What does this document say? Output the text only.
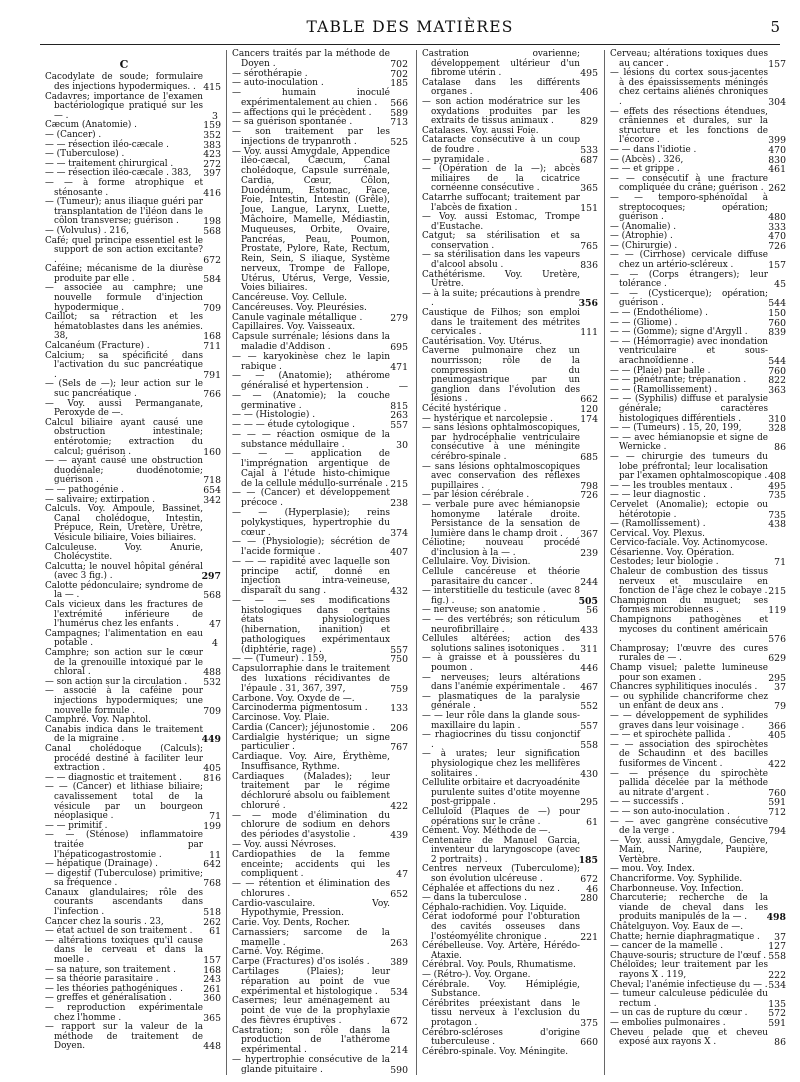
TABLE DES MATIÈRES	5

C

Cacodylate de soude; formulaire des injections hypodermiques. . 415

Cadavres; importance de l'examen bactériologique pratiqué sur les — .	3

Cæcum (Anatomie) .	159

— (Cancer) .	352

— — résection iléo-cæcale .	383

— (Tuberculose) .	423

— — traitement chirurgical .	272

— — résection iléo-cæcale . 383, 397

— — à forme atrophique et sténosante .	416

— (Tumeur); anus iliaque guéri par transplantation de l'iléon dans le côlon transverse; guérison .	198

— (Volvulus) . 216,	568

Café; quel principe essentiel est le support de son action excitante? .	672

Caféine; mécanisme de la diurèse produite par elle .	584

— associée au camphre; une nouvelle formule d'injection hypodermique .	709

Caillot; sa rétraction et les hématoblastes dans les anémies. 38,	168

Calcanéum (Fracture) .	711

Calcium; sa spécificité dans l'activation du suc pancréatique .	791

— (Sels de —); leur action sur le suc pancréatique .	766

— Voy. aussi Permanganate, Peroxyde de —.

Calcul biliaire ayant causé une obstruction intestinale; entérotomie; extraction du calcul; guérison .	160

— — ayant causé une obstruction duodénale; duodénotomie; guérison .	718

— — pathogénie .	654

— salivaire; extirpation .	342

Calculs. Voy. Ampoule, Bassinet, Canal cholédoque, Intestin, Prépuce, Rein, Uretère, Urètre, Vésicule biliaire, Voies biliaires.

Calculeuse. Voy. Anurie, Cholécystite.

Calcutta; le nouvel hôpital général (avec 3 fig.) .	297

Calotte pédonculaire; syndrome de la — .	568

Cals vicieux dans les fractures de l'extrémité inférieure de l'humérus chez les enfants .	47

Campagnes; l'alimentation en eau potable .	4

Camphre; son action sur le cœur de la grenouille intoxiqué par le chloral .	488

— son action sur la circulation . 532

— associé à la caféine pour injections hypodermiques; une nouvelle formule .	709

Camphré. Voy. Naphtol.

Canabis indica dans le traitement de la migraine .	449

Canal cholédoque (Calculs); procédé destiné à faciliter leur extraction .	405

— — diagnostic et traitement . 816

— — (Cancer) et lithiase biliaire; cavalissement total de la vésicule par un bourgeon néoplasique .	71

— — primitif .	199

— — (Sténose) inflammatoire traitée par l'hépaticogastrostomie .	11

— hépatique (Drainage) .	642

— digestif (Tuberculose) primitive; sa fréquence .	768

Canaux glandulaires; rôle des courants ascendants dans l'infection .	518

Cancer chez la souris . 23,	262

— état actuel de son traitement . 61

— altérations toxiques qu'il cause dans le cerveau et dans la moelle .	157

— sa nature, son traitement .	168

— sa théorie parasitaire .	243

— les théories pathogéniques . 261

— greffes et généralisation .	360

— reproduction expérimentale chez l'homme .	365

— rapport sur la valeur de la méthode de traitement de Doyen.	448

Cancers traités par la méthode de Doyen .	702

— sérothérapie .	702

— auto-inoculation .	185

— humain inoculé expérimentalement au chien . 566

— affections qui le précèdent . 589

— sa guérison spontanée .	713

— son traitement par les injections de trypanroth .	525

— Voy. aussi Amygdale, Appendice iléo-cæcal, Cæcum, Canal cholédoque, Capsule surrénale, Cardia, Cœur, Côlon, Duodénum, Estomac, Face, Foie, Intestin, Intestin (Grêle), Joue, Langue, Larynx, Luette, Mâchoire, Mamelle, Médiastin, Muqueuses, Orbite, Ovaire, Pancréas, Peau, Poumon, Prostate, Pylore, Rate, Rectum, Rein, Sein, S iliaque, Système nerveux, Trompe de Fallope, Utérus, Utérus, Verge, Vessie, Voies biliaires.

Cancéreuse. Voy. Cellule.

Cancéreuses. Voy. Pleurésies.

Canule vaginale métallique .	279

Capillaires. Voy. Vaisseaux.

Capsule surrénale; lésions dans la maladie d'Addison .	695

— — karyokinèse chez le lapin rabique .	471

— — (Anatomie); athérome généralisé et hypertension .	—

— — (Anatomie); la couche germinative .	815

— — (Histologie) .	263

— — — étude cytologique .	557

— — — réaction osmique de la substance médullaire .	30

— — — application de l'imprégnation argentique de Cajal à l'étude histo-chimique de la cellule médullo-surrénale . 215

— — (Cancer) et développement précoce .	238

— — (Hyperplasie); reins polykystiques, hypertrophie du cœur .	374

— — (Physiologie); sécrétion de l'acide formique .	407

— — — rapidité avec laquelle son principe actif, donné en injection intra-veineuse, disparaît du sang .	432

— — — ses modifications histologiques dans certains états physiologiques (hibernation, inanition) et pathologiques expérimentaux (diphtérie, rage) .	557

— — (Tumeur) . 159,	750

Capsulorraphie dans le traitement des luxations récidivantes de l'épaule . 31, 367, 397,	759

Carbone. Voy. Oxyde de —.

Carcinoderma pigmentosum . 133

Carcinose. Voy. Plaie.

Cardia (Cancer); jéjunostomie . 206

Cardialgie hystérique; un signe particulier .	767

Cardiaque. Voy. Aire, Érythème, Insuffisance, Rythme.

Cardiaques (Malades); leur traitement par le régime déchloruré absolu ou faiblement chloruré .	422

— — mode d'élimination du chlorure de sodium en dehors des périodes d'asystolie .	439

— Voy. aussi Névroses.

Cardiopathies de la femme enceinte; accidents qui les compliquent .	47

— — rétention et élimination des chlorures .	652

Cardio-vasculaire. Voy. Hypothymie, Pression.

Carie. Voy. Dents, Rocher.

Carnassiers; sarcome de la mamelle .	263

Carné. Voy. Régime.

Carpe (Fractures) d'os isolés . 389

Cartilages (Plaies); leur réparation au point de vue expérimental et histologique . 534

Casernes; leur aménagement au point de vue de la prophylaxie des fièvres éruptives .	672

Castration; son rôle dans la production de l'athérome expérimental .	214

— hypertrophie consécutive de la glande pituitaire .	590

Castration ovarienne; développement ultérieur d'un fibrome utérin .	495

Catalase dans les différents organes .	406

— son action modératrice sur les oxydations produites par les extraits de tissus animaux .	829

Catalases. Voy. aussi Foie.

Cataracte consécutive à un coup de foudre .	533

— pyramidale .	687

— (Opération de la —); abcès miliaires de la cicatrice cornéenne consécutive .	365

Catarrhe suffocant; traitement par l'abcès de fixation .	151

— Voy. aussi Estomac, Trompe d'Eustache.

Catgut; sa stérilisation et sa conservation .	765

— sa stérilisation dans les vapeurs d'alcool absolu .	836

Cathétérisme. Voy. Uretère, Urètre.

— à la suite; précautions à prendre .	356

Caustique de Filhos; son emploi dans le traitement des métrites cervicales .	111

Cautérisation. Voy. Utérus.

Caverne pulmonaire chez un nourrisson; rôle de la compression du pneumogastrique par un ganglion dans l'évolution des lésions .	662

Cécité hystérique .	120

— hystérique et narcolepsie .	174

— sans lésions ophtalmoscopiques, par hydrocéphalie ventriculaire consécutive à une méningite cérébro-spinale .	685

— sans lésions ophtalmoscopiques avec conservation des réflexes pupillaires .	798

— par lésion cérébrale .	726

— verbale pure avec hémianopsie homonyme latérale droite. Persistance de la sensation de lumière dans le champ droit . 367

Céliotine; nouveau procédé d'inclusion à la — .	239

Cellulaire. Voy. Division.

Cellule cancéreuse et théorie parasitaire du cancer .	244

— interstitielle du testicule (avec 8 fig.) .	505

— nerveuse; son anatomie .	56

— — des vertébrés; son réticulum neurofibrillaire .	433

Cellules altérées; action des solutions salines isotoniques . 311

— à graisse et à poussières du poumon .	446

— nerveuses; leurs altérations dans l'anémie expérimentale . 467

— plasmatiques de la paralysie générale .	552

— — leur rôle dans la glande sous-maxillaire du lapin .	557

— rhagiocrines du tissu conjonctif .	558

— à urates; leur signification physiologique chez les mellifères solitaires .	430

Cellulite orbitaire et dacryoadénite purulente suites d'otite moyenne post-grippale .	295

Celluloïd (Plaques de —) pour opérations sur le crâne .	61

Cément. Voy. Méthode de —.

Centenaire de Manuel Garcia, inventeur du laryngoscope (avec 2 portraits) .	185

Centres nerveux (Tuberculome); son évolution ulcéreuse .	672

Céphalée et affections du nez .	46

— dans la tuberculose .	280

Céphalo-rachidien. Voy. Liquide.

Cérat iodoformé pour l'obturation des cavités osseuses dans l'ostéomyélite chronique .	221

Cérébelleuse. Voy. Artère, Hérédo-Ataxie.

Cérébral. Voy. Pouls, Rhumatisme.

— (Rétro-). Voy. Organe.

Cérébrale. Voy. Hémiplégie, Substance.

Cérébrites préexistant dans le tissu nerveux à l'exclusion du protagon .	375

Cérébro-scléroses d'origine tuberculeuse .	660

Cérébro-spinale. Voy. Méningite.

Cerveau; altérations toxiques dues au cancer .	157

— lésions du cortex sous-jacentes à des épaississements méningés chez certains aliénés chroniques .	304

— effets des résections étendues, crâniennes et durales, sur la structure et les fonctions de l'écorce .	399

— — dans l'idiotie .	470

— (Abcès) . 326,	830

— — et grippe .	461

— — consécutif à une fracture compliquée du crâne; guérison . 262

— — temporo-sphénoïdal à streptocoques; opération; guérison .	480

— (Anomalie) .	333

— (Atrophie) .	470

— (Chirurgie) .	726

— — (Cirrhose) cervicale diffuse chez un artério-scléreux .	157

— — (Corps étrangers); leur tolérance .	45

— — (Cysticerque); opération; guérison .	544

— — (Endothéliome) .	150

— — (Gliome) .	760

— — (Gomme); signe d'Argyll . 839

— — (Hémorragie) avec inondation ventriculaire et sous-arachnoïdienne .	544

— — (Plaie) par balle .	760

— — pénétrante; trépanation . 822

— — (Ramollissement) .	363

— — (Syphilis) diffuse et paralysie générale; caractères histologiques différentiels .	310

— — (Tumeurs) . 15, 20, 199,	328

— — avec hémianopsie et signe de Wernicke .	86

— — chirurgie des tumeurs du lobe préfrontal; leur localisation par l'examen ophtalmoscopique . 408

— — les troubles mentaux .	495

— — leur diagnostic .	735

Cervelet (Anomalie); ectopie ou hétérotopie .	735

— (Ramollissement) .	438

Cervical. Voy. Plexus.

Cervico-faciale. Voy. Actinomycose.

Césarienne. Voy. Opération.

Cestodes; leur biologie .	71

Chaleur de combustion des tissus nerveux et musculaire en fonction de l'âge chez le cobaye . 215

Champignon du muguet; ses formes microbiennes .	119

Champignons pathogènes et mycoses du continent américain .	576

Champrosay; l'œuvre des cures rurales de — .	629

Champ visuel; palette lumineuse pour son examen .	295

Chancres syphilitiques inoculés . 37

— ou syphilide chancriforme chez un enfant de deux ans .	79

— — développement de syphilides graves dans leur voisinage .	366

— — et spirochète pallida .	405

— — association des spirochètes de Schaudinn et des bacilles fusiformes de Vincent .	422

— — présence du spirochète pallida décelée par la méthode au nitrate d'argent .	760

— — successifs .	591

— — son auto-inoculation .	712

— — avec gangrène consécutive de la verge .	794

— Voy. aussi Amygdale, Gencive, Main, Narine, Paupière, Vertèbre.

— mou. Voy. Index.

Chancriforme. Voy. Syphilide.

Charbonneuse. Voy. Infection.

Charcuterie; recherche de la viande de cheval dans les produits manipulés de la — . 498

Châtelguyon. Voy. Eaux de —.

Chatte; hernie diaphragmatique . 37

— cancer de la mamelle .	127

Chauve-souris; structure de l'œuf . 558

Chéloïdes; leur traitement par les rayons X . 119,	222

Cheval; l'anémie infectieuse du — . 534

— tumeur calculeuse pédiculée du rectum .	135

— un cas de rupture du cœur . 572

— embolies pulmonaires .	591

Cheveu pelade que et cheveu exposé aux rayons X .	86
